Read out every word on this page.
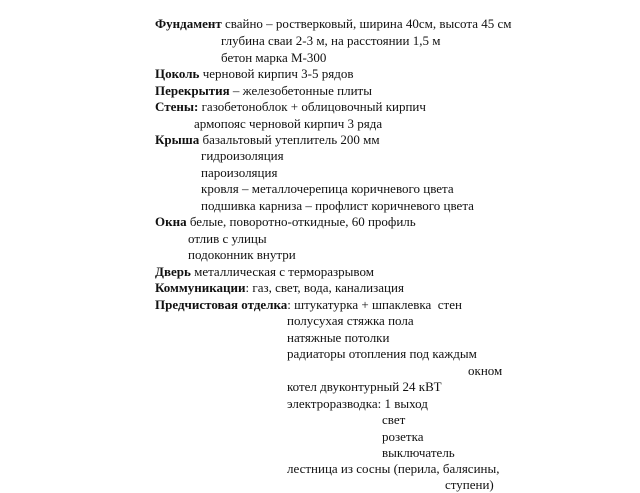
Фундамент свайно – ростверковый, ширина 40см, высота 45 см
глубина сваи 2-3 м, на расстоянии 1,5 м
бетон марка М-300
Цоколь черновой кирпич 3-5 рядов
Перекрытия – железобетонные плиты
Стены: газобетоноблок + облицовочный кирпич
армопояс черновой кирпич 3 ряда
Крыша базальтовый утеплитель 200 мм
гидроизоляция
пароизоляция
кровля – металлочерепица коричневого цвета
подшивка карниза – профлист коричневого цвета
Окна белые, поворотно-откидные, 60 профиль
отлив с улицы
подоконник внутри
Дверь металлическая с терморазрывом
Коммуникации: газ, свет, вода, канализация
Предчистовая отделка: штукатурка + шпаклевка  стен
полусухая стяжка пола
натяжные потолки
радиаторы отопления под каждым
окном
котел двуконтурный 24 кВТ
электроразводка: 1 выход
свет
розетка
выключатель
лестница из сосны (перила, балясины,
ступени)
